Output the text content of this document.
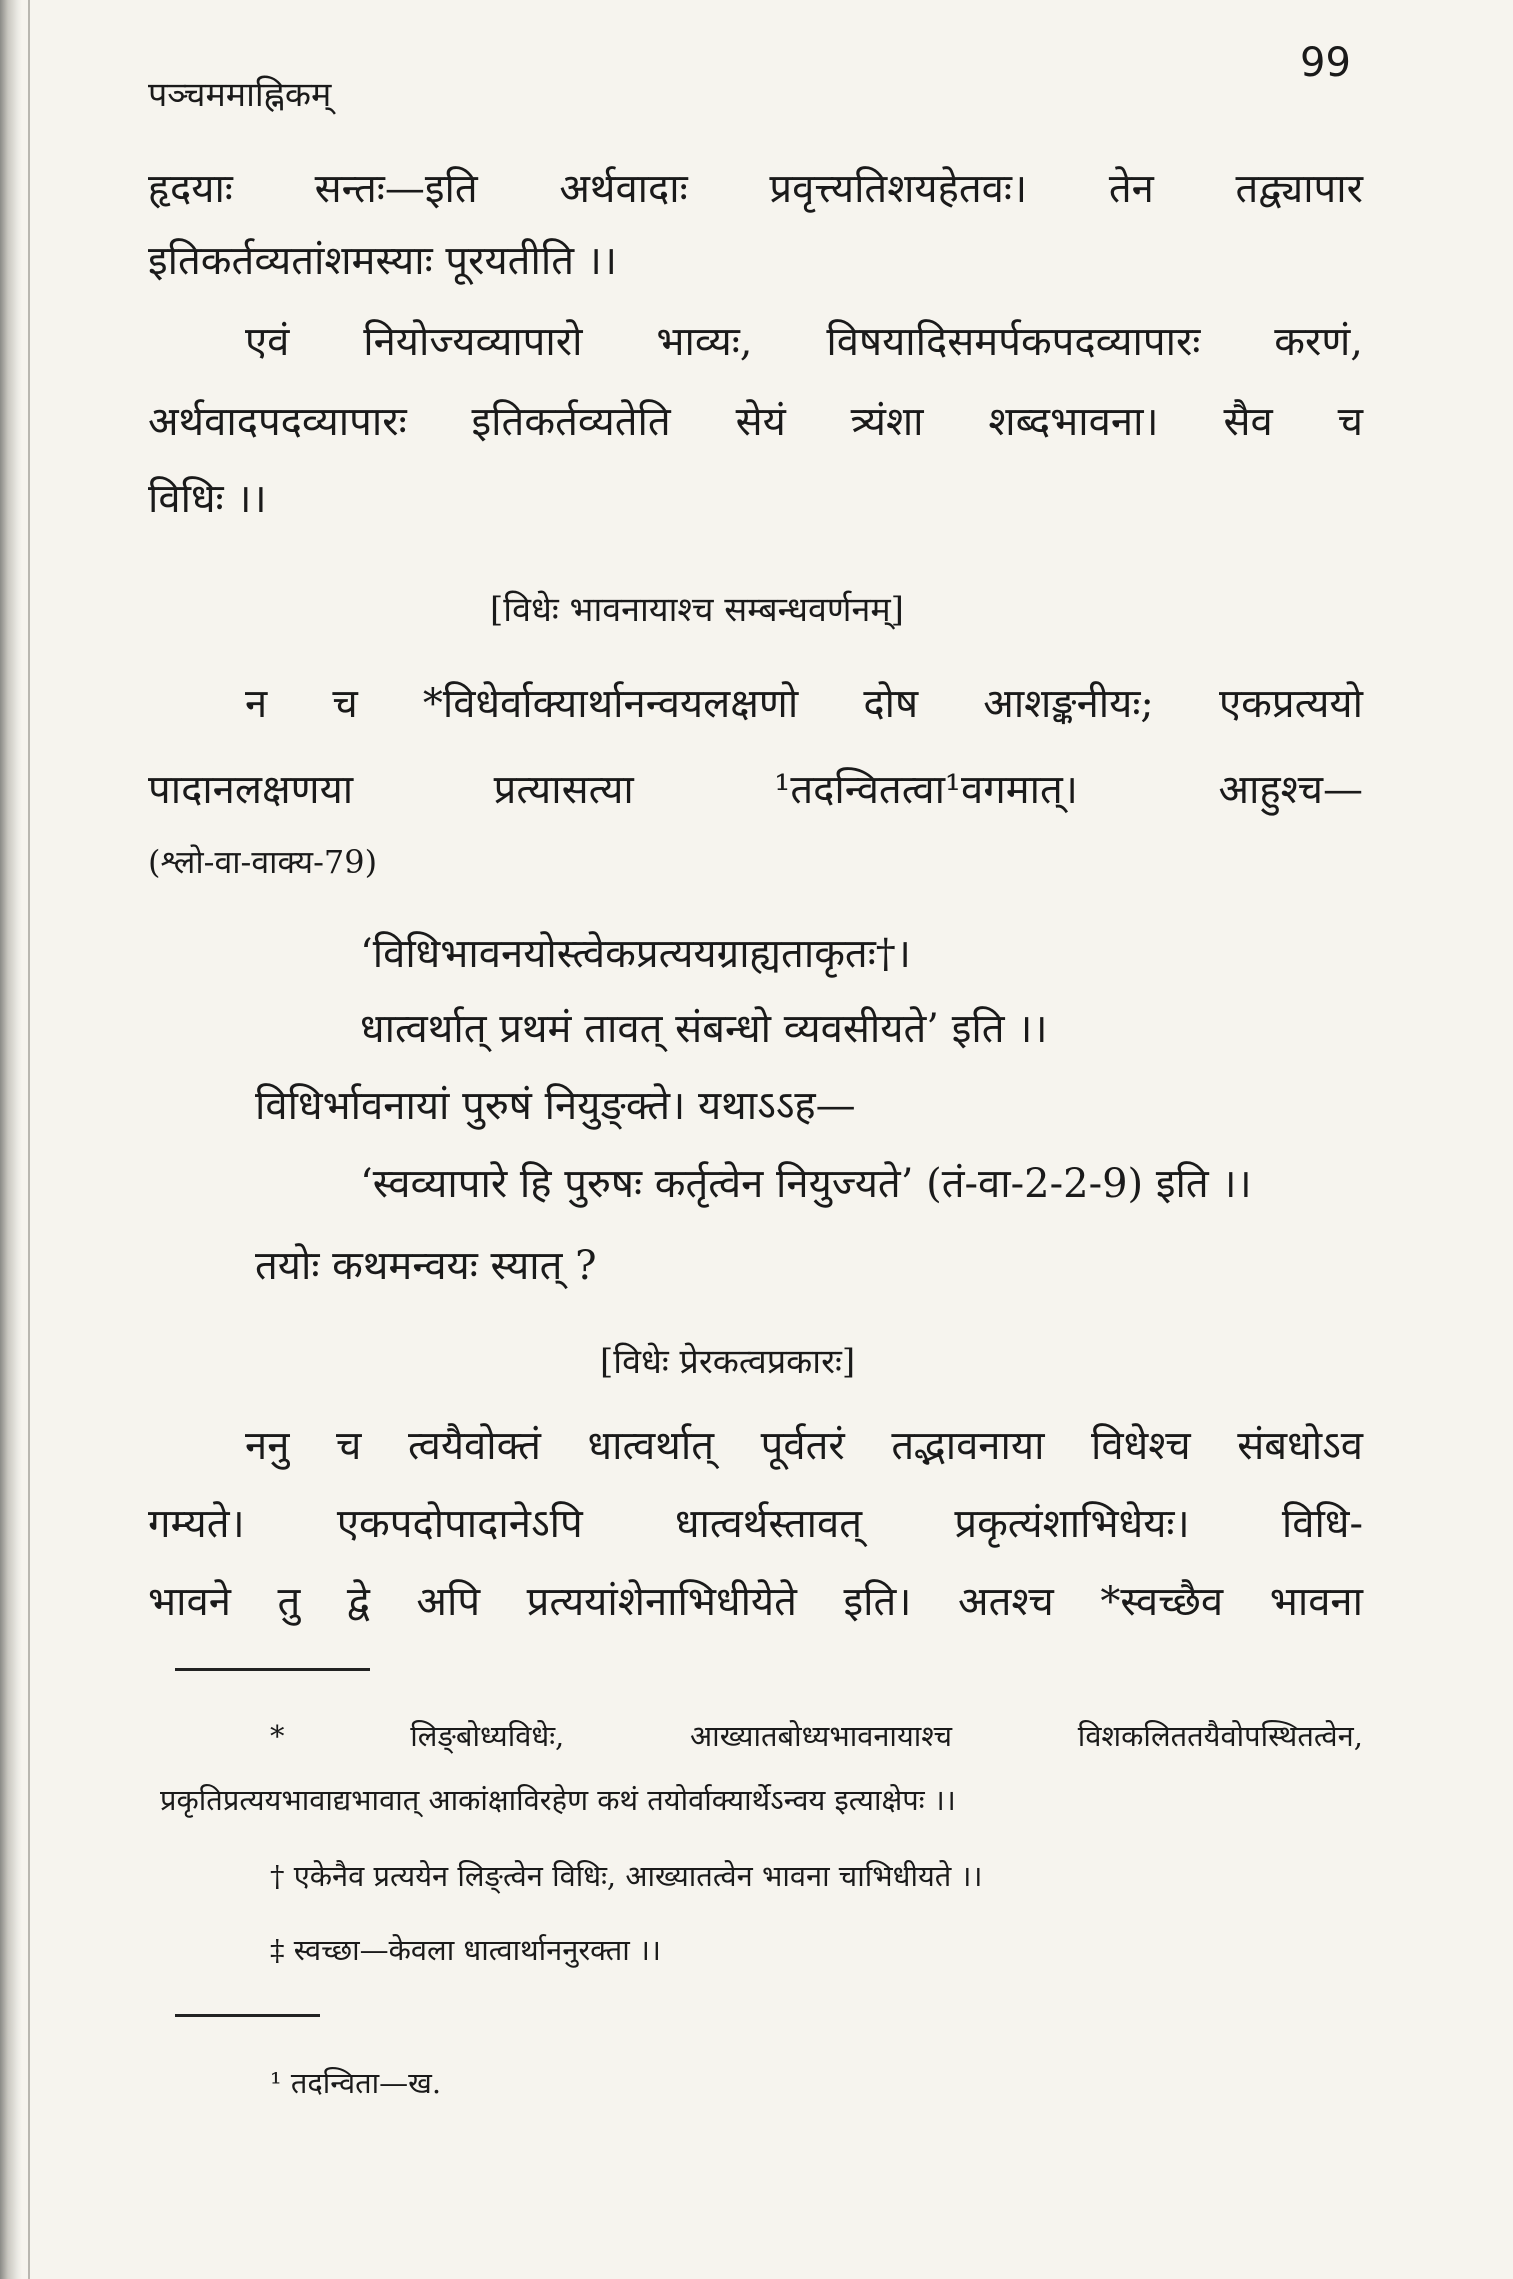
पञ्चममाह्निकम्
99
हृदयाः सन्तः—इति अर्थवादाः प्रवृत्त्यतिशयहेतवः। तेन तद्व्यापार
इतिकर्तव्यतांशमस्याः पूरयतीति ।।
एवं नियोज्यव्यापारो भाव्यः, विषयादिसमर्पकपदव्यापारः करणं,
अर्थवादपदव्यापारः इतिकर्तव्यतेति सेयं त्र्यंशा शब्दभावना। सैव च
विधिः ।।
[विधेः भावनायाश्च सम्बन्धवर्णनम्]
न च *विधेर्वाक्यार्थानन्वयलक्षणो दोष आशङ्कनीयः; एकप्रत्ययो
पादानलक्षणया प्रत्यासत्या ¹तदन्वितत्वा¹वगमात्। आहुश्च—
(श्लो-वा-वाक्य-79)
‘विधिभावनयोस्त्वेकप्रत्ययग्राह्यताकृतः†।
धात्वर्थात् प्रथमं तावत् संबन्धो व्यवसीयते’ इति ।।
विधिर्भावनायां पुरुषं नियुङ्क्ते। यथाऽऽह—
‘स्वव्यापारे हि पुरुषः कर्तृत्वेन नियुज्यते’ (तं-वा-2-2-9) इति ।।
तयोः कथमन्वयः स्यात् ?
[विधेः प्रेरकत्वप्रकारः]
ननु च त्वयैवोक्तं धात्वर्थात् पूर्वतरं तद्भावनाया विधेश्च संबधोऽव
गम्यते। एकपदोपादानेऽपि धात्वर्थस्तावत् प्रकृत्यंशाभिधेयः। विधि-
भावने तु द्वे अपि प्रत्ययांशेनाभिधीयेते इति। अतश्च *स्वच्छैव भावना
* लिङ्बोध्यविधेः, आख्यातबोध्यभावनायाश्च विशकलिततयैवोपस्थितत्वेन,
प्रकृतिप्रत्ययभावाद्यभावात् आकांक्षाविरहेण कथं तयोर्वाक्यार्थेऽन्वय इत्याक्षेपः ।।
† एकेनैव प्रत्ययेन लिङ्त्वेन विधिः, आख्यातत्वेन भावना चाभिधीयते ।।
‡ स्वच्छा—केवला धात्वार्थाननुरक्ता ।।
¹ तदन्विता—ख.
